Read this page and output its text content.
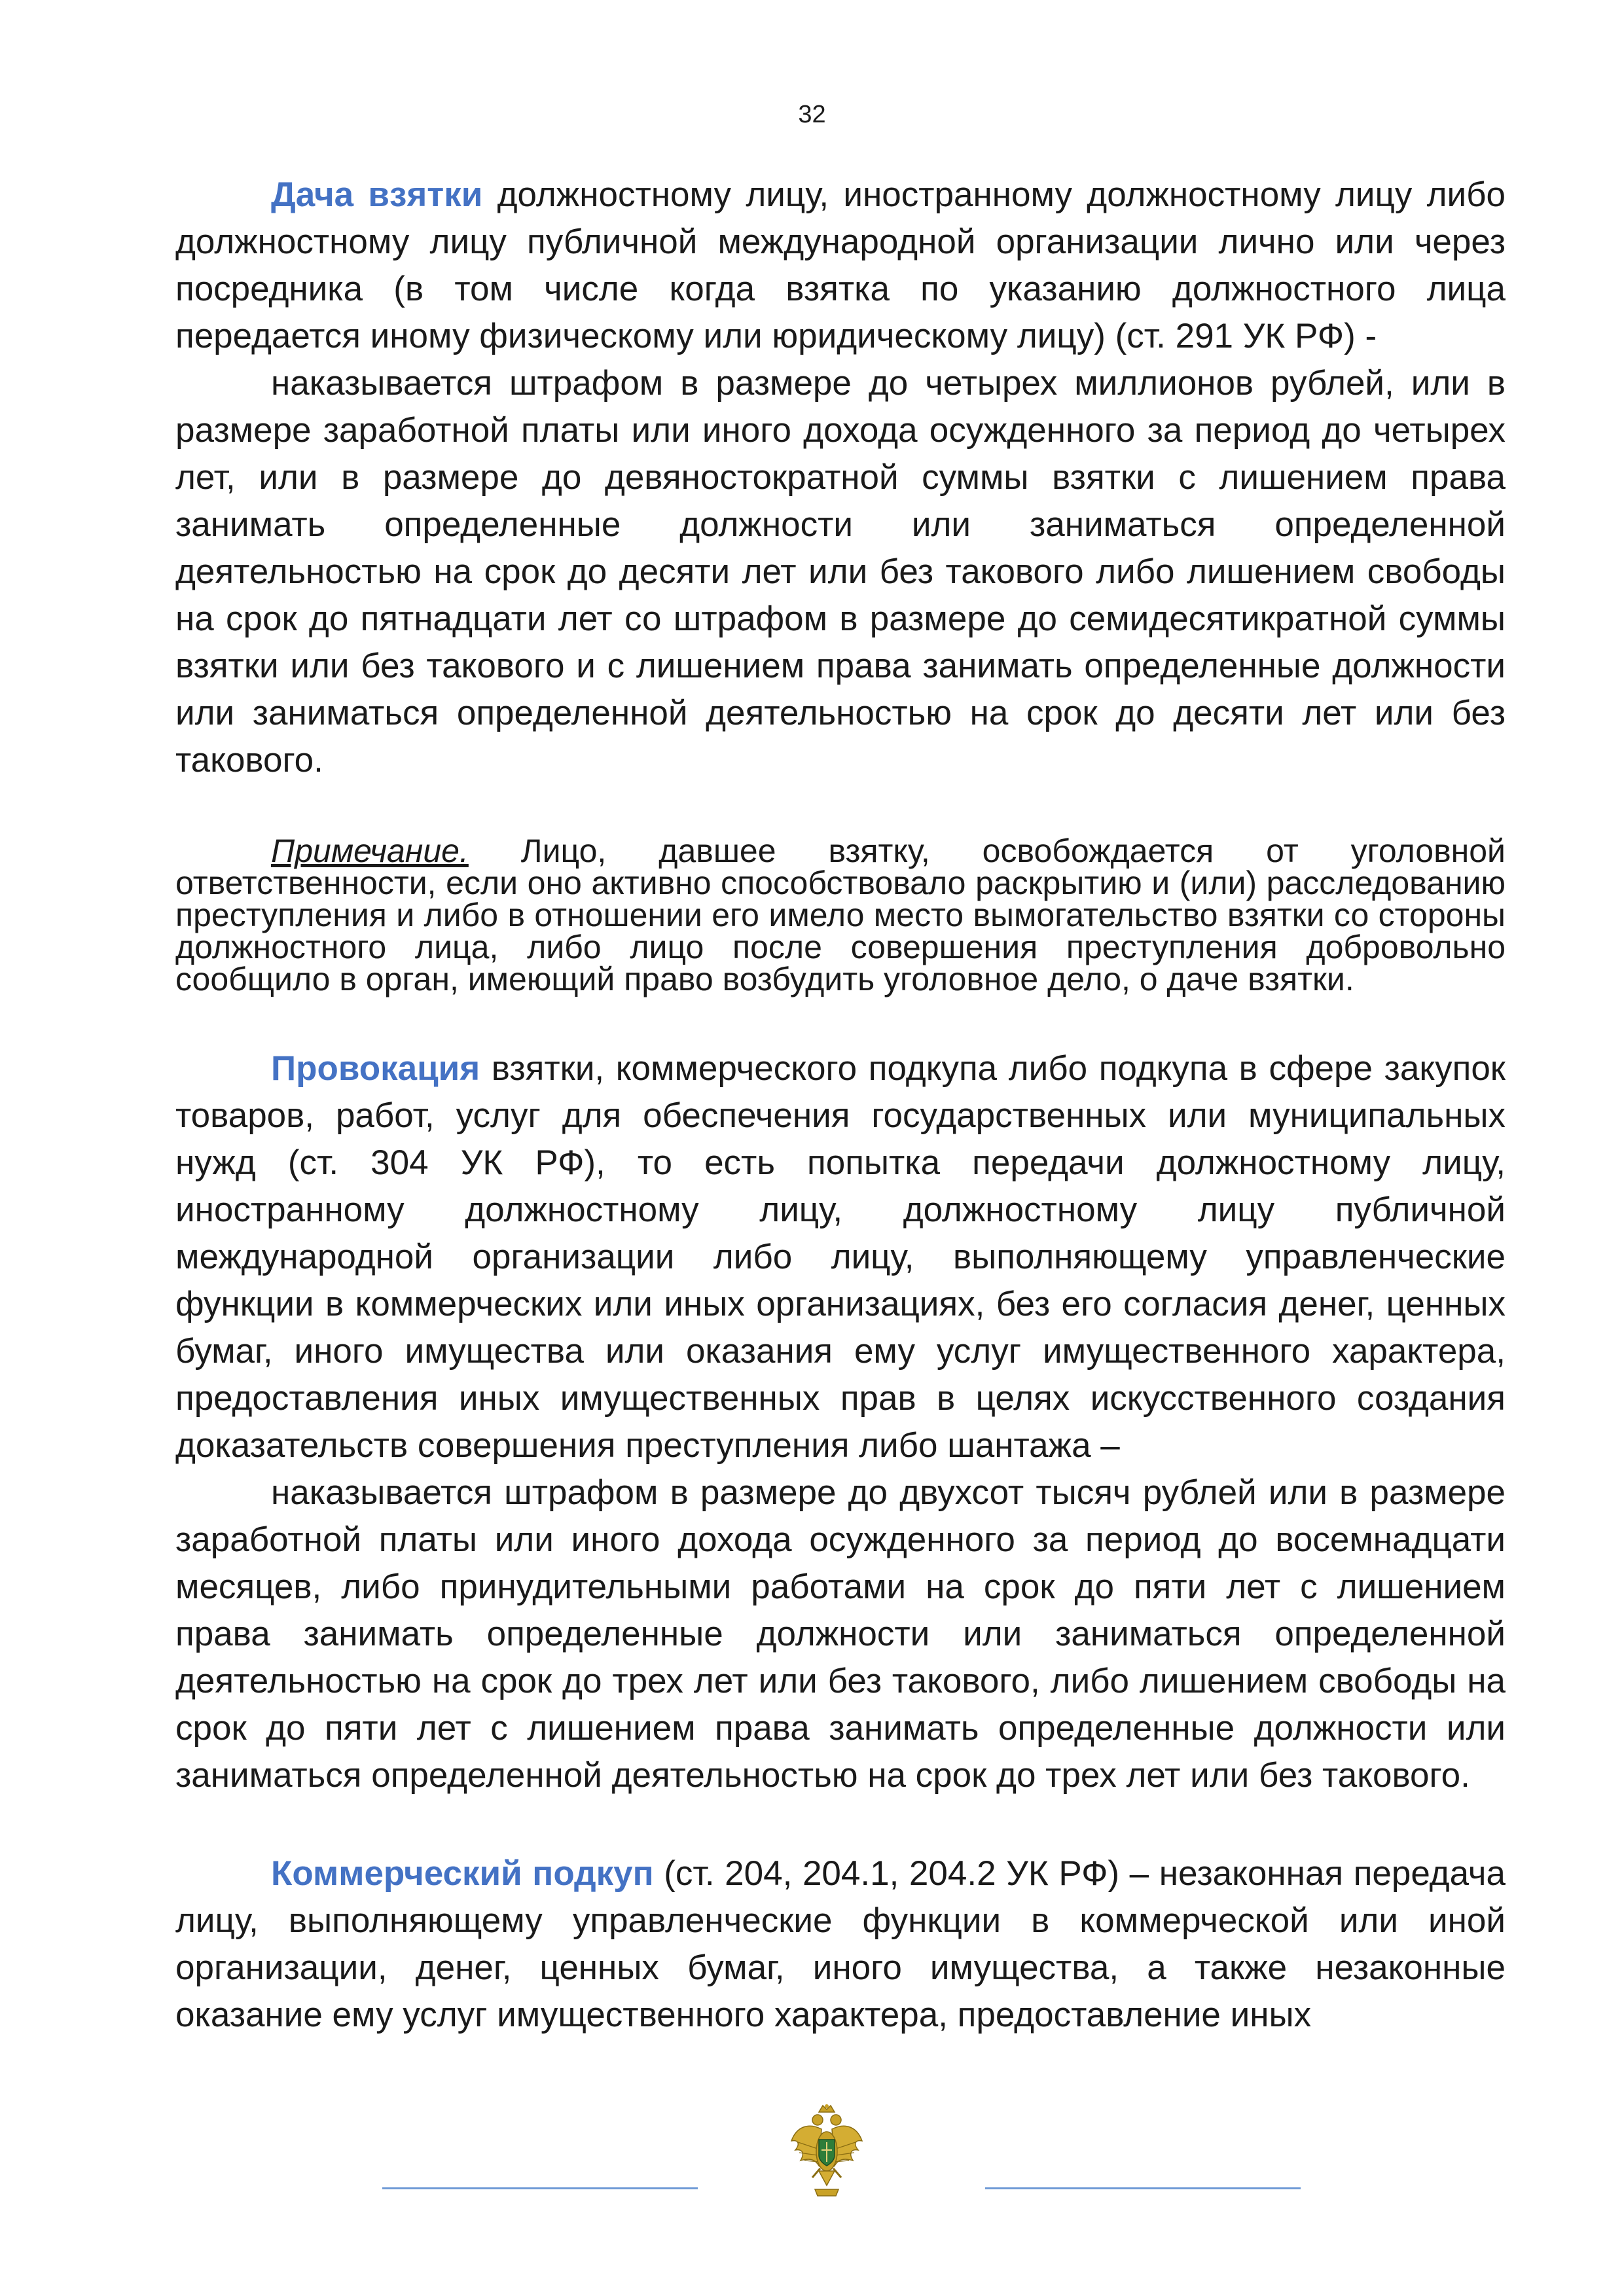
32

Дача взятки должностному лицу, иностранному должностному лицу либо должностному лицу публичной международной организации лично или через посредника (в том числе когда взятка по указанию должностного лица передается иному физическому или юридическому лицу) (ст. 291 УК РФ) -

наказывается штрафом в размере до четырех миллионов рублей, или в размере заработной платы или иного дохода осужденного за период до четырех лет, или в размере до девяностократной суммы взятки с лишением права занимать определенные должности или заниматься определенной деятельностью на срок до десяти лет или без такового либо лишением свободы на срок до пятнадцати лет со штрафом в размере до семидесятикратной суммы взятки или без такового и с лишением права занимать определенные должности или заниматься определенной деятельностью на срок до десяти лет или без такового.

Примечание. Лицо, давшее взятку, освобождается от уголовной ответственности, если оно активно способствовало раскрытию и (или) расследованию преступления и либо в отношении его имело место вымогательство взятки со стороны должностного лица, либо лицо после совершения преступления добровольно сообщило в орган, имеющий право возбудить уголовное дело, о даче взятки.

Провокация взятки, коммерческого подкупа либо подкупа в сфере закупок товаров, работ, услуг для обеспечения государственных или муниципальных нужд (ст. 304 УК РФ), то есть попытка передачи должностному лицу, иностранному должностному лицу, должностному лицу публичной международной организации либо лицу, выполняющему управленческие функции в коммерческих или иных организациях, без его согласия денег, ценных бумаг, иного имущества или оказания ему услуг имущественного характера, предоставления иных имущественных прав в целях искусственного создания доказательств совершения преступления либо шантажа –

наказывается штрафом в размере до двухсот тысяч рублей или в размере заработной платы или иного дохода осужденного за период до восемнадцати месяцев, либо принудительными работами на срок до пяти лет с лишением права занимать определенные должности или заниматься определенной деятельностью на срок до трех лет или без такового, либо лишением свободы на срок до пяти лет с лишением права занимать определенные должности или заниматься определенной деятельностью на срок до трех лет или без такового.

Коммерческий подкуп (ст. 204, 204.1, 204.2 УК РФ) – незаконная передача лицу, выполняющему управленческие функции в коммерческой или иной организации, денег, ценных бумаг, иного имущества, а также незаконные оказание ему услуг имущественного характера, предоставление иных
